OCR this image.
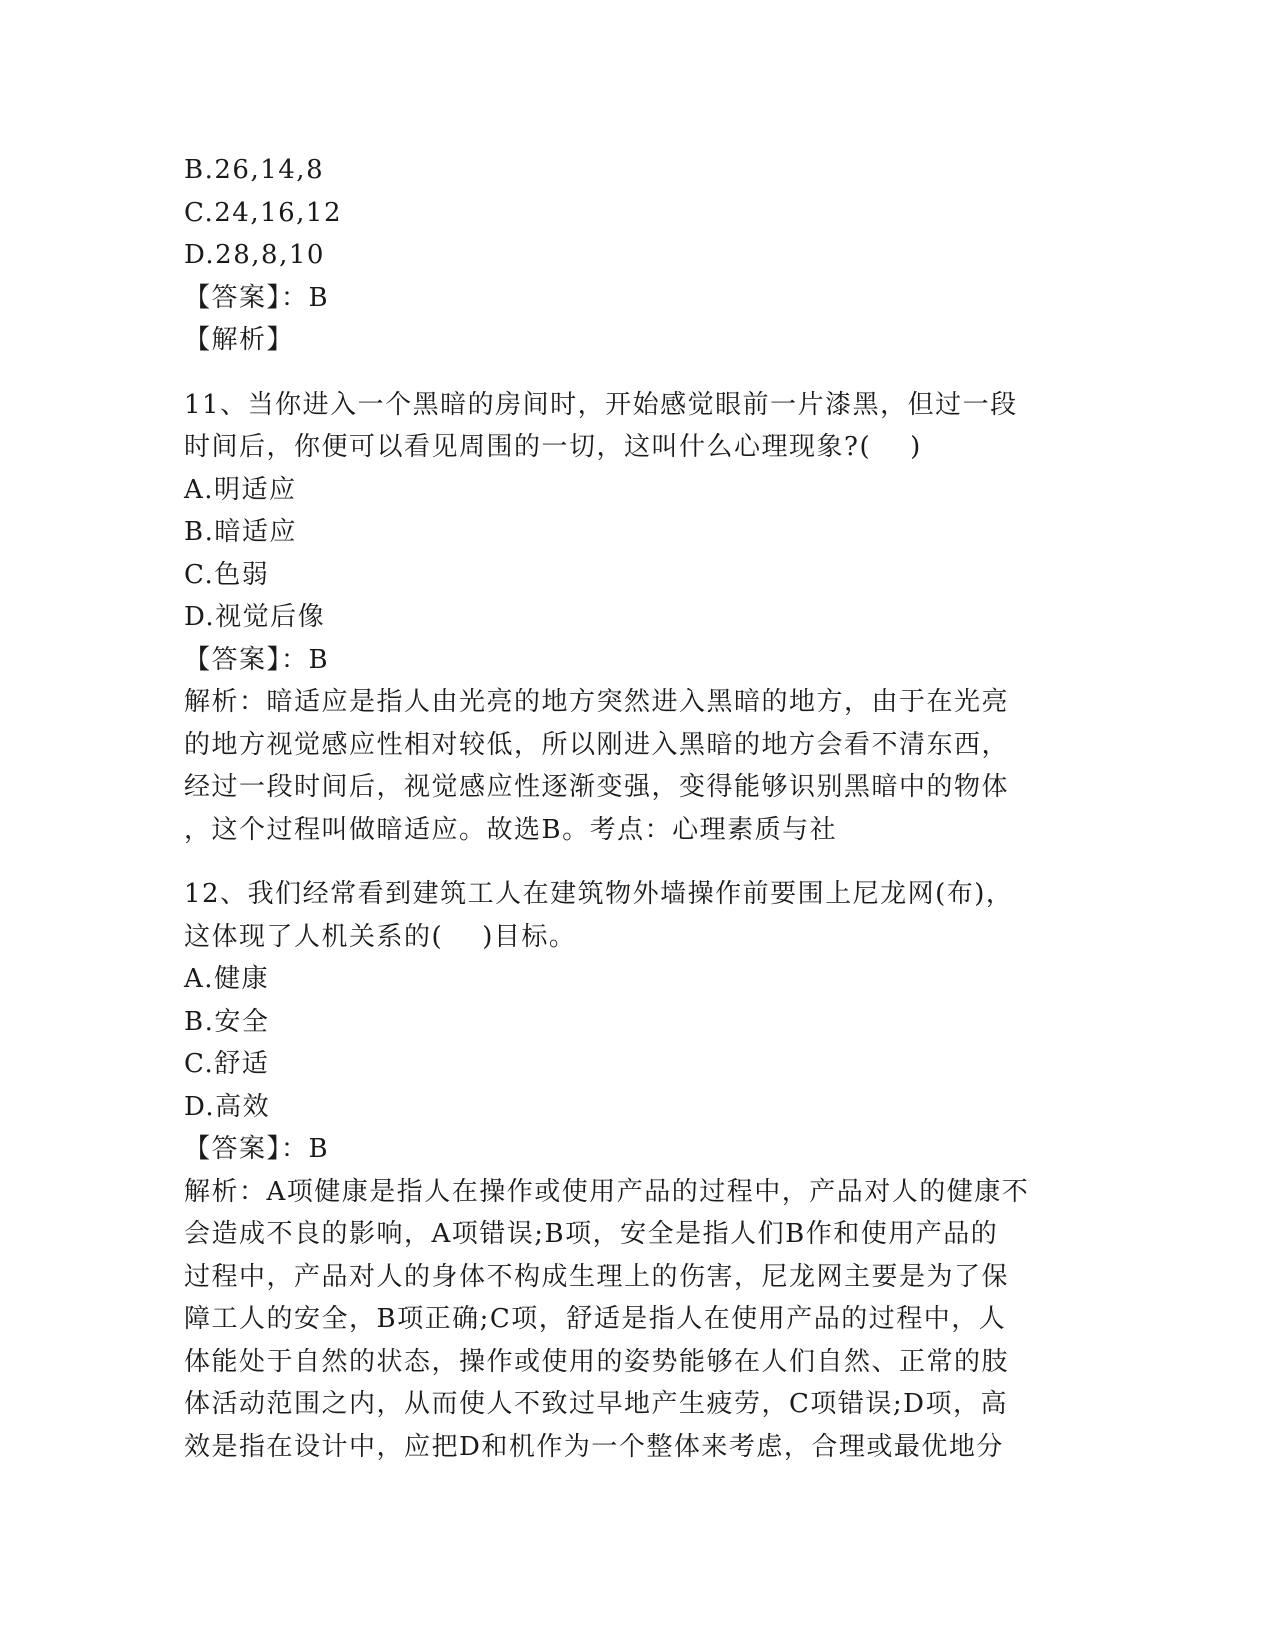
B.26,14,8
C.24,16,12
D.28,8,10
【答案】：B
【解析】
11、当你进入一个黑暗的房间时，开始感觉眼前一片漆黑，但过一段
时间后，你便可以看见周围的一切，这叫什么心理现象?(    )
A.明适应
B.暗适应
C.色弱
D.视觉后像
【答案】：B
解析：暗适应是指人由光亮的地方突然进入黑暗的地方，由于在光亮
的地方视觉感应性相对较低，所以刚进入黑暗的地方会看不清东西，
经过一段时间后，视觉感应性逐渐变强，变得能够识别黑暗中的物体
，这个过程叫做暗适应。故选B。考点：心理素质与社
12、我们经常看到建筑工人在建筑物外墙操作前要围上尼龙网(布)，
这体现了人机关系的(    )目标。
A.健康
B.安全
C.舒适
D.高效
【答案】：B
解析：A项健康是指人在操作或使用产品的过程中，产品对人的健康不
会造成不良的影响，A项错误;B项，安全是指人们B作和使用产品的
过程中，产品对人的身体不构成生理上的伤害，尼龙网主要是为了保
障工人的安全，B项正确;C项，舒适是指人在使用产品的过程中，人
体能处于自然的状态，操作或使用的姿势能够在人们自然、正常的肢
体活动范围之内，从而使人不致过早地产生疲劳，C项错误;D项，高
效是指在设计中，应把D和机作为一个整体来考虑，合理或最优地分
